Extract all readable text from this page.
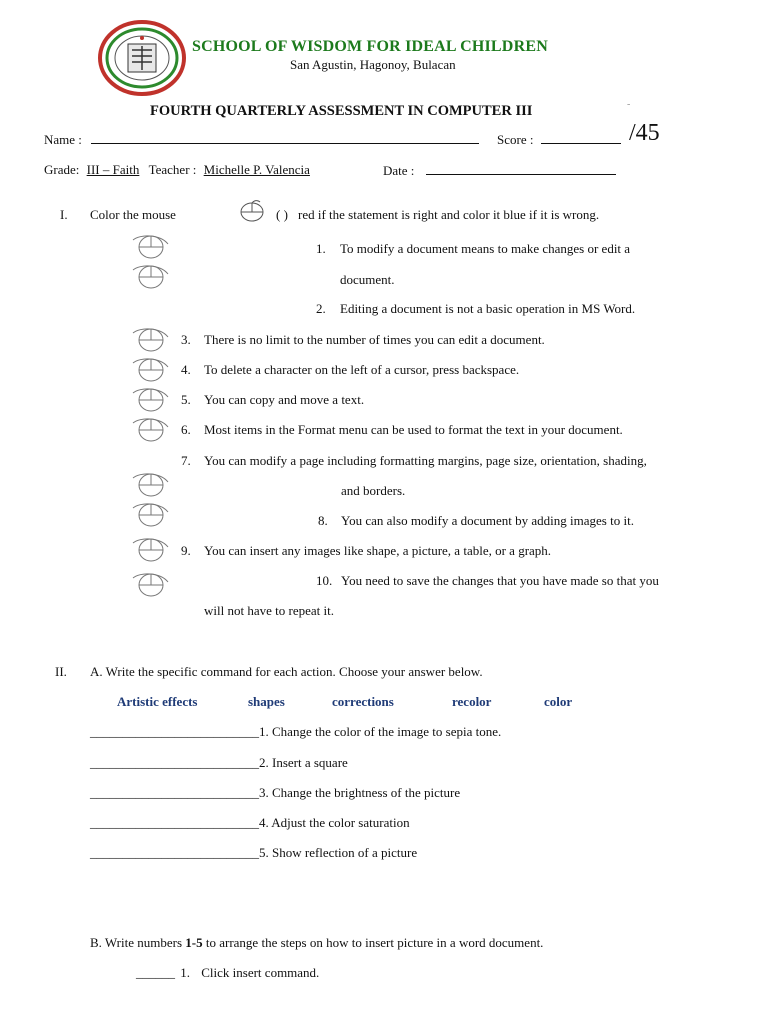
SCHOOL OF WISDOM FOR IDEAL CHILDREN
San Agustin, Hagonoy, Bulacan
FOURTH QUARTERLY ASSESSMENT IN COMPUTER III	-
Name :	Score :	/45
Grade: III – Faith Teacher : Michelle P. Valencia	Date :
I. Color the mouse	( ) red if the statement is right and color it blue if it is wrong.
1. To modify a document means to make changes or edit a
document.
2. Editing a document is not a basic operation in MS Word.
3. There is no limit to the number of times you can edit a document.
4. To delete a character on the left of a cursor, press backspace.
5. You can copy and move a text.
6. Most items in the Format menu can be used to format the text in your document.
7. You can modify a page including formatting margins, page size, orientation, shading,
and borders.
8. You can also modify a document by adding images to it.
9. You can insert any images like shape, a picture, a table, or a graph.
10. You need to save the changes that you have made so that you
will not have to repeat it.
II. A. Write the specific command for each action. Choose your answer below.
Artistic effects	shapes	corrections	recolor	color
__________________________1. Change the color of the image to sepia tone.
__________________________2. Insert a square
__________________________3. Change the brightness of the picture
__________________________4. Adjust the color saturation
__________________________5. Show reflection of a picture
B. Write numbers 1-5 to arrange the steps on how to insert picture in a word document.
______ 1. Click insert command.
